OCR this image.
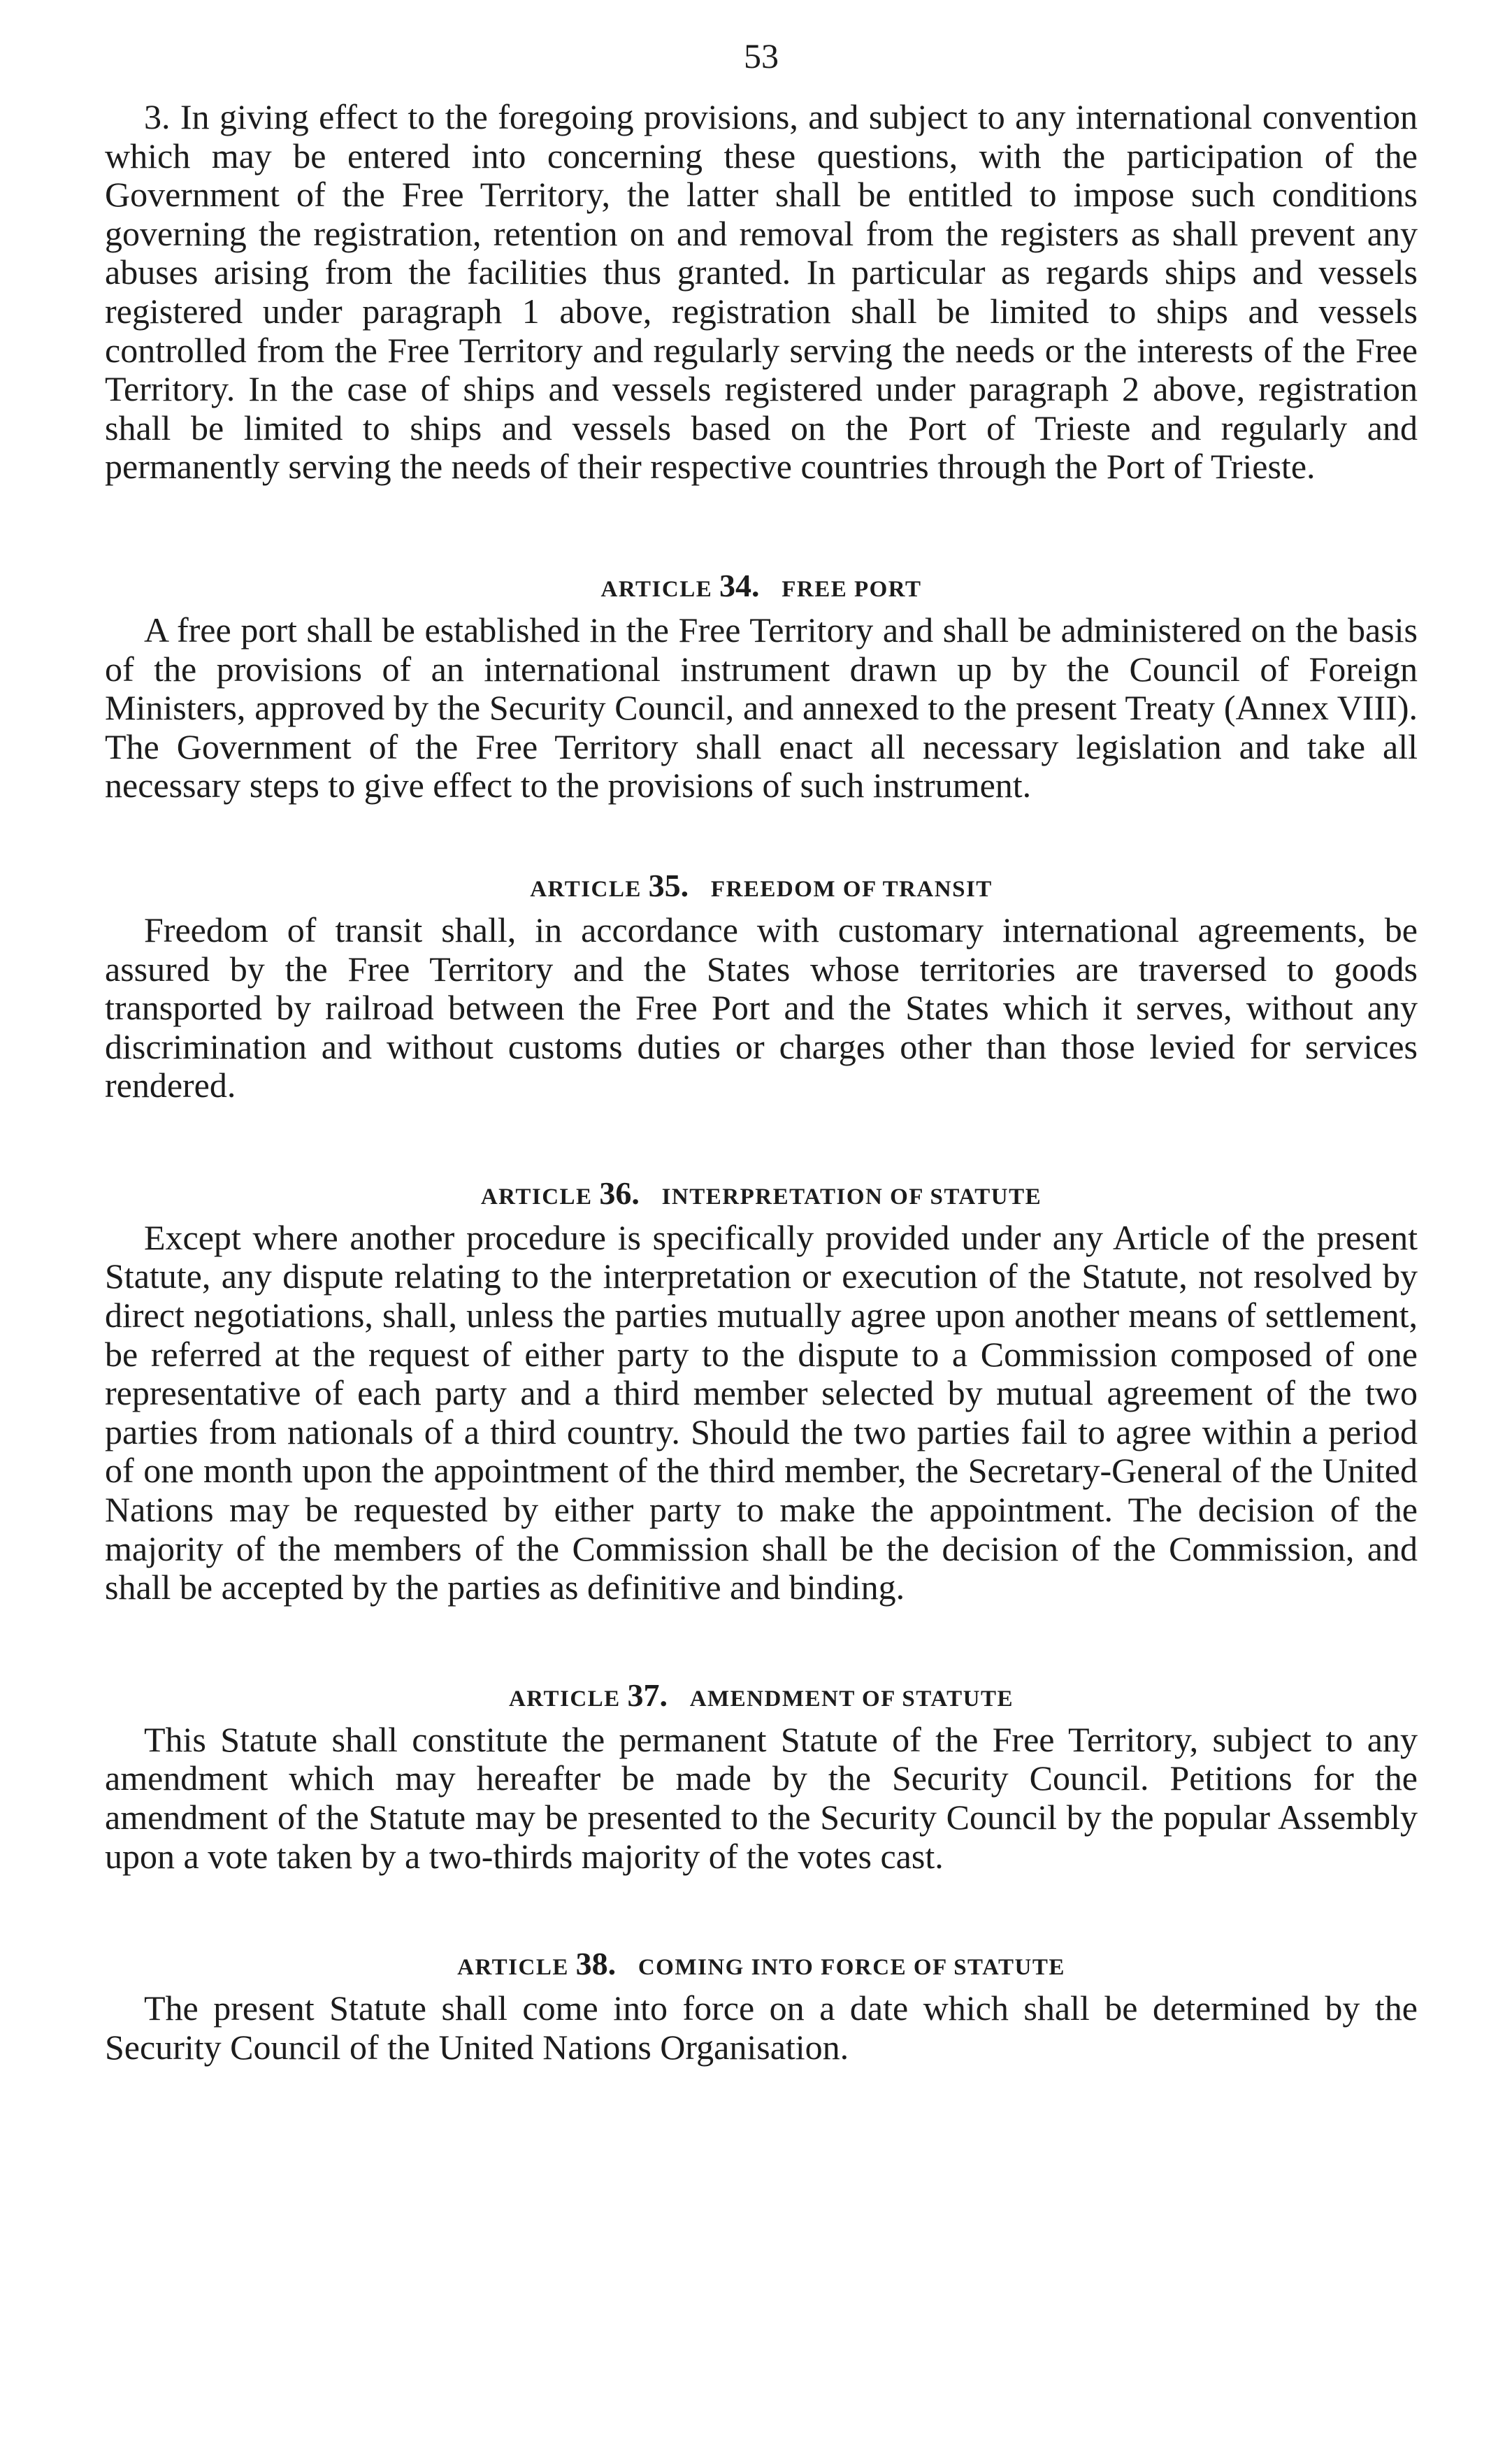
53

3. In giving effect to the foregoing provisions, and subject to any international convention which may be entered into concerning these questions, with the participation of the Government of the Free Territory, the latter shall be entitled to impose such conditions governing the registration, retention on and removal from the registers as shall prevent any abuses arising from the facilities thus granted. In particular as regards ships and vessels registered under paragraph 1 above, registration shall be limited to ships and vessels controlled from the Free Territory and regularly serving the needs or the interests of the Free Territory. In the case of ships and vessels registered under paragraph 2 above, registration shall be limited to ships and vessels based on the Port of Trieste and regularly and permanently serving the needs of their respective countries through the Port of Trieste.

ARTICLE 34. FREE PORT

A free port shall be established in the Free Territory and shall be administered on the basis of the provisions of an international instrument drawn up by the Council of Foreign Ministers, approved by the Security Council, and annexed to the present Treaty (Annex VIII). The Government of the Free Territory shall enact all necessary legislation and take all necessary steps to give effect to the provisions of such instrument.

ARTICLE 35. FREEDOM OF TRANSIT

Freedom of transit shall, in accordance with customary international agreements, be assured by the Free Territory and the States whose territories are traversed to goods transported by railroad between the Free Port and the States which it serves, without any discrimination and without customs duties or charges other than those levied for services rendered.

ARTICLE 36. INTERPRETATION OF STATUTE

Except where another procedure is specifically provided under any Article of the present Statute, any dispute relating to the interpretation or execution of the Statute, not resolved by direct negotiations, shall, unless the parties mutually agree upon another means of settlement, be referred at the request of either party to the dispute to a Commission composed of one representative of each party and a third member selected by mutual agreement of the two parties from nationals of a third country. Should the two parties fail to agree within a period of one month upon the appointment of the third member, the Secretary-General of the United Nations may be requested by either party to make the appointment. The decision of the majority of the members of the Commission shall be the decision of the Commission, and shall be accepted by the parties as definitive and binding.

ARTICLE 37. AMENDMENT OF STATUTE

This Statute shall constitute the permanent Statute of the Free Territory, subject to any amendment which may hereafter be made by the Security Council. Petitions for the amendment of the Statute may be presented to the Security Council by the popular Assembly upon a vote taken by a two-thirds majority of the votes cast.

ARTICLE 38. COMING INTO FORCE OF STATUTE

The present Statute shall come into force on a date which shall be determined by the Security Council of the United Nations Organisation.
